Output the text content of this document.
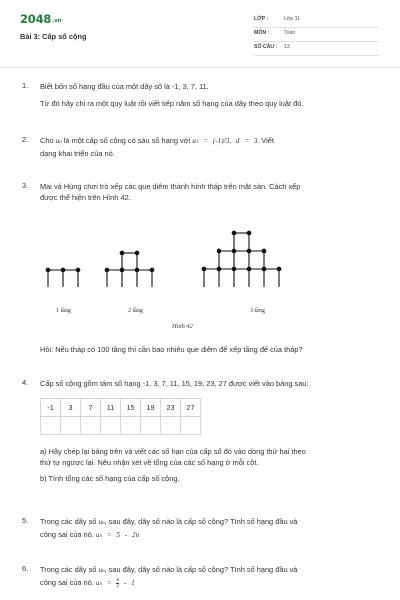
2048.vn
Bài 3: Cấp số cộng
LỚP :	Lớp 11
MÔN :	Toán
SỐ CÂU : 13
1. Biết bốn số hạng đầu của một dãy số là -1, 3, 7, 11.
Từ đó hãy chỉ ra một quy luật rồi viết tiếp năm số hạng của dãy theo quy luật đó.
2. Cho un là một cấp số cộng có sáu số hạng với u1 = (-1)/3, d = 3. Viết
dạng khai triển của nó.
3. Mai và Hùng chơi trò xếp các que diêm thành hình tháp trên mặt sàn. Cách xếp
được thể hiện trên Hình 42.
1 tầng	2 tầng	3 tầng
Hình 42
Hỏi: Nếu tháp có 100 tầng thì cần bao nhiêu que diêm để xếp tầng đế của tháp?
4. Cấp số cộng gồm tám số hạng -1, 3, 7, 11, 15, 19, 23, 27 được viết vào bảng sau:
-1	3	7	11	15	19	23	27

a) Hãy chép lại bảng trên và viết các số hạn của cấp số đó vào dòng thứ hai theo
thứ tự ngược lại. Nêu nhận xét về tổng của các số hạng ở mỗi cột.
b) Tính tổng các số hạng của cấp số cộng.
5. Trong các dãy số un, sau đây, dãy số nào là cấp số cộng? Tính số hạng đầu và
công sai của nó. un = 5 - 2n
6. Trong các dãy số un, sau đây, dãy số nào là cấp số cộng? Tính số hạng đầu và
công sai của nó. un = $\frac{n}{2} - 1$
